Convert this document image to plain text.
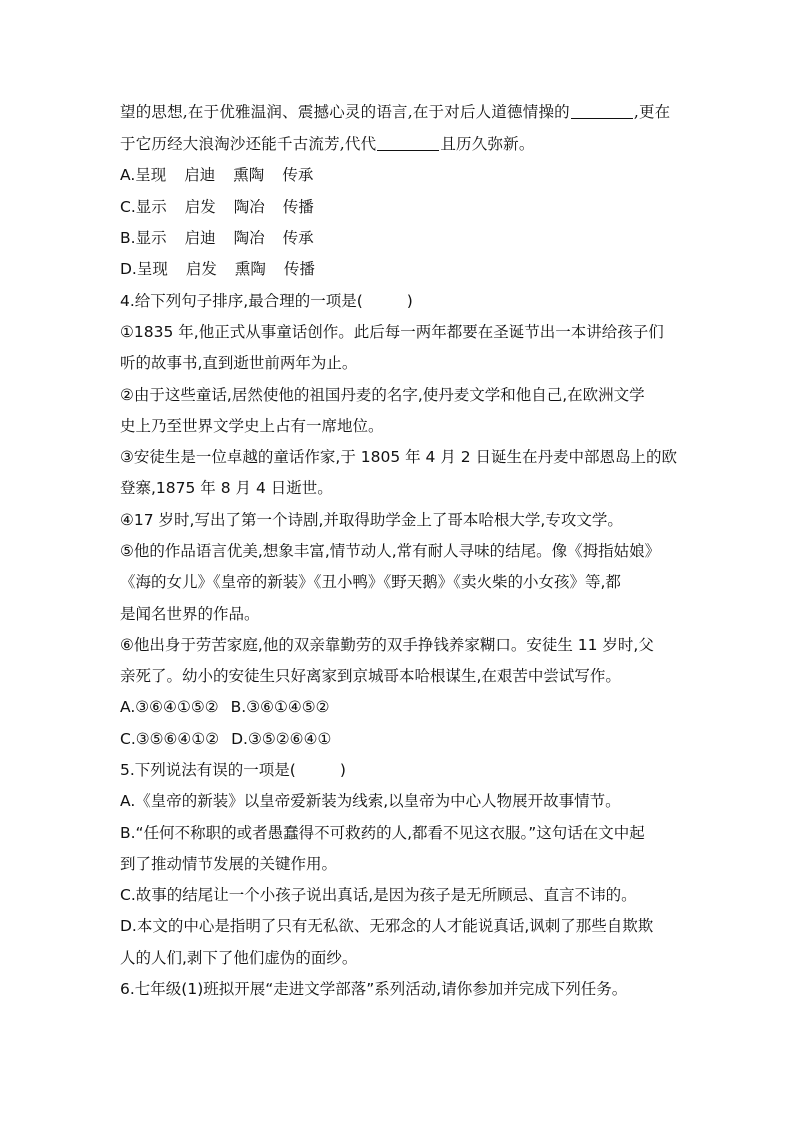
望的思想,在于优雅温润、震撼心灵的语言,在于对后人道德情操的	,更在
于它历经大浪淘沙还能千古流芳,代代	且历久弥新。
A.呈现 启迪 熏陶 传承
C.显示 启发 陶冶 传播
B.显示 启迪 陶冶 传承
D.呈现 启发 熏陶 传播
4.给下列句子排序,最合理的一项是(	)
①1835 年,他正式从事童话创作。此后每一两年都要在圣诞节出一本讲给孩子们
听的故事书,直到逝世前两年为止。
②由于这些童话,居然使他的祖国丹麦的名字,使丹麦文学和他自己,在欧洲文学
史上乃至世界文学史上占有一席地位。
③安徒生是一位卓越的童话作家,于 1805 年 4 月 2 日诞生在丹麦中部恩岛上的欧
登寨,1875 年 8 月 4 日逝世。
④17 岁时,写出了第一个诗剧,并取得助学金上了哥本哈根大学,专攻文学。
⑤他的作品语言优美,想象丰富,情节动人,常有耐人寻味的结尾。像《拇指姑娘》
《海的女儿》《皇帝的新装》《丑小鸭》《野天鹅》《卖火柴的小女孩》等,都
是闻名世界的作品。
⑥他出身于劳苦家庭,他的双亲靠勤劳的双手挣钱养家糊口。安徒生 11 岁时,父
亲死了。幼小的安徒生只好离家到京城哥本哈根谋生,在艰苦中尝试写作。
A.③⑥④①⑤② B.③⑥①④⑤②
C.③⑤⑥④①② D.③⑤②⑥④①
5.下列说法有误的一项是(	)
A.《皇帝的新装》以皇帝爱新装为线索,以皇帝为中心人物展开故事情节。
B.“任何不称职的或者愚蠢得不可救药的人,都看不见这衣服。”这句话在文中起
到了推动情节发展的关键作用。
C.故事的结尾让一个小孩子说出真话,是因为孩子是无所顾忌、直言不讳的。
D.本文的中心是指明了只有无私欲、无邪念的人才能说真话,讽刺了那些自欺欺
人的人们,剥下了他们虚伪的面纱。
6.七年级(1)班拟开展“走进文学部落”系列活动,请你参加并完成下列任务。
